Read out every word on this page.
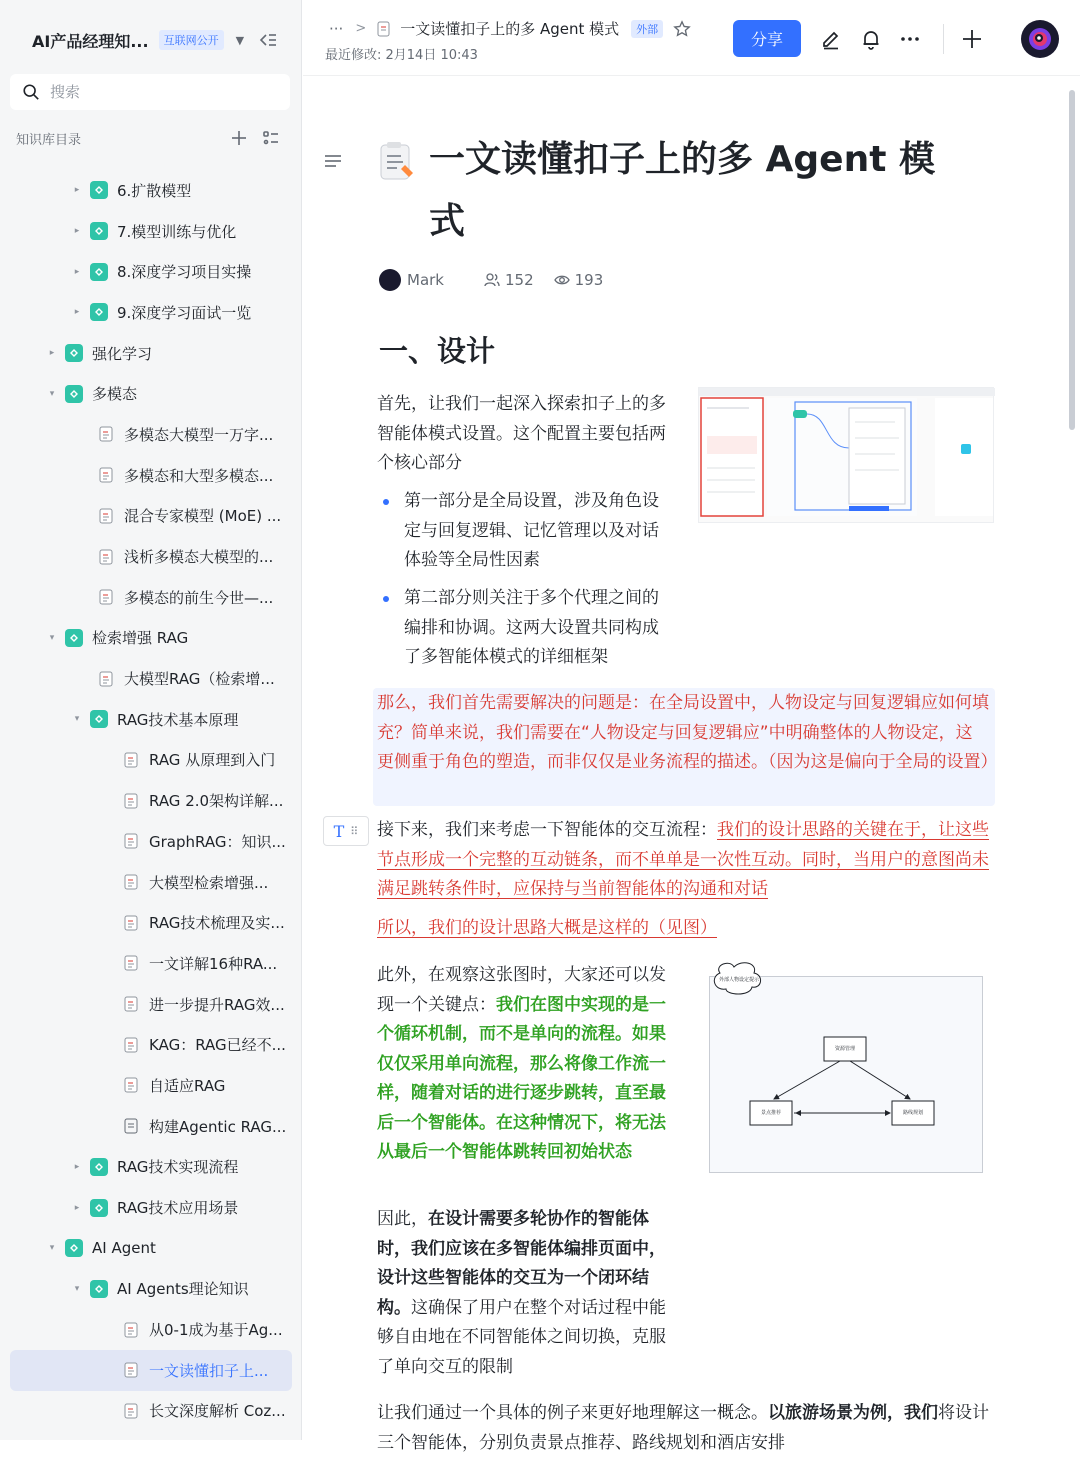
AI产品经理知...	互联网公开	▼
搜索
知识库目录
▸	6.扩散模型
▸	7.模型训练与优化
▸	8.深度学习项目实操
▸	9.深度学习面试一览
▸	强化学习
▾	多模态
多模态大模型一万字...
多模态和大型多模态...
混合专家模型 (MoE) ...
浅析多模态大模型的...
多模态的前生今世—...
▾	检索增强 RAG
大模型RAG（检索增...
▾	RAG技术基本原理
RAG 从原理到入门
RAG 2.0架构详解...
GraphRAG：知识...
大模型检索增强...
RAG技术梳理及实...
一文详解16种RA...
进一步提升RAG效...
KAG：RAG已经不...
自适应RAG
构建Agentic RAG...
▸	RAG技术实现流程
▸	RAG技术应用场景
▾	AI Agent
▾	AI Agents理论知识
从0-1成为基于Ag...
一文读懂扣子上...
长文深度解析 Coz...
··· > 一文读懂扣子上的多 Agent 模式	外部
最近修改: 2月14日 10:43
分享
一文读懂扣子上的多 Agent 模式
Mark	152	193
一、设计

首先，让我们一起深入探索扣子上的多智能体模式设置。这个配置主要包括两个核心部分

第一部分是全局设置，涉及角色设定与回复逻辑、记忆管理以及对话体验等全局性因素

第二部分则关注于多个代理之间的编排和协调。这两大设置共同构成了多智能体模式的详细框架

那么，我们首先需要解决的问题是：在全局设置中，人物设定与回复逻辑应如何填充？简单来说，我们需要在“人物设定与回复逻辑应”中明确整体的人物设定，这更侧重于角色的塑造，而非仅仅是业务流程的描述。（因为这是偏向于全局的设置）

T ⠿ 接下来，我们来考虑一下智能体的交互流程：我们的设计思路的关键在于，让这些节点形成一个完整的互动链条，而不单单是一次性互动。同时，当用户的意图尚未满足跳转条件时，应保持与当前智能体的沟通和对话

所以，我们的设计思路大概是这样的（见图）

此外，在观察这张图时，大家还可以发现一个关键点：我们在图中实现的是一个循环机制，而不是单向的流程。如果仅仅采用单向流程，那么将像工作流一样，随着对话的进行逐步跳转，直至最后一个智能体。在这种情况下，将无法从最后一个智能体跳转回初始状态

外部人物设定提示
资源管理
景点推荐	路线规划

因此，在设计需要多轮协作的智能体时，我们应该在多智能体编排页面中，设计这些智能体的交互为一个闭环结构。这确保了用户在整个对话过程中能够自由地在不同智能体之间切换，克服了单向交互的限制

让我们通过一个具体的例子来更好地理解这一概念。以旅游场景为例，我们将设计三个智能体，分别负责景点推荐、路线规划和酒店安排
